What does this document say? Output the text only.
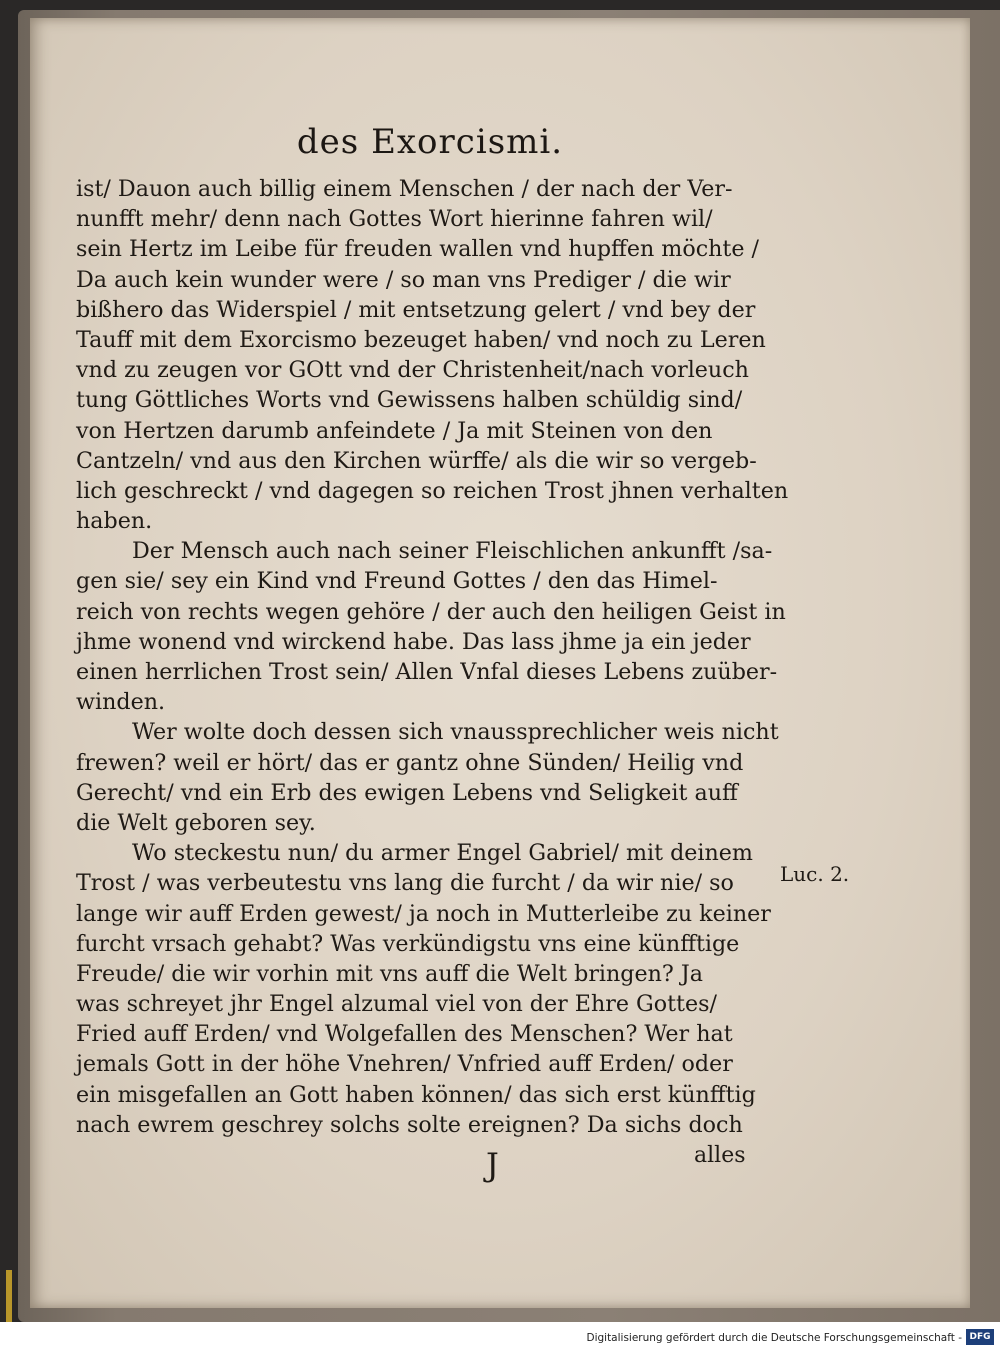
des Exorcismi.
ist/ Dauon auch billig einem Menschen / der nach der Ver-
nunfft mehr/ denn nach Gottes Wort hierinne fahren wil/
sein Hertz im Leibe für freuden wallen vnd hupffen möchte /
Da auch kein wunder were / so man vns Prediger / die wir
bißhero das Widerspiel / mit entsetzung gelert / vnd bey der
Tauff mit dem Exorcismo bezeuget haben/ vnd noch zu Leren
vnd zu zeugen vor GOtt vnd der Christenheit/nach vorleuch
tung Göttliches Worts vnd Gewissens halben schüldig sind/
von Hertzen darumb anfeindete / Ja mit Steinen von den
Cantzeln/ vnd aus den Kirchen würffe/ als die wir so vergeb-
lich geschreckt / vnd dagegen so reichen Trost jhnen verhalten
haben.
Der Mensch auch nach seiner Fleischlichen ankunfft /sa-
gen sie/ sey ein Kind vnd Freund Gottes / den das Himel-
reich von rechts wegen gehöre / der auch den heiligen Geist in
jhme wonend vnd wirckend habe. Das lass jhme ja ein jeder
einen herrlichen Trost sein/ Allen Vnfal dieses Lebens zuüber-
winden.
Wer wolte doch dessen sich vnaussprechlicher weis nicht
frewen? weil er hört/ das er gantz ohne Sünden/ Heilig vnd
Gerecht/ vnd ein Erb des ewigen Lebens vnd Seligkeit auff
die Welt geboren sey.
Wo steckestu nun/ du armer Engel Gabriel/ mit deinem
Trost / was verbeutestu vns lang die furcht / da wir nie/ so
lange wir auff Erden gewest/ ja noch in Mutterleibe zu keiner
furcht vrsach gehabt? Was verkündigstu vns eine künfftige
Freude/ die wir vorhin mit vns auff die Welt bringen? Ja
was schreyet jhr Engel alzumal viel von der Ehre Gottes/
Fried auff Erden/ vnd Wolgefallen des Menschen? Wer hat
jemals Gott in der höhe Vnehren/ Vnfried auff Erden/ oder
ein misgefallen an Gott haben können/ das sich erst künfftig
nach ewrem geschrey solchs solte ereignen? Da sichs doch
Luc. 2.
J	alles
Digitalisierung gefördert durch die Deutsche Forschungsgemeinschaft - DFG
